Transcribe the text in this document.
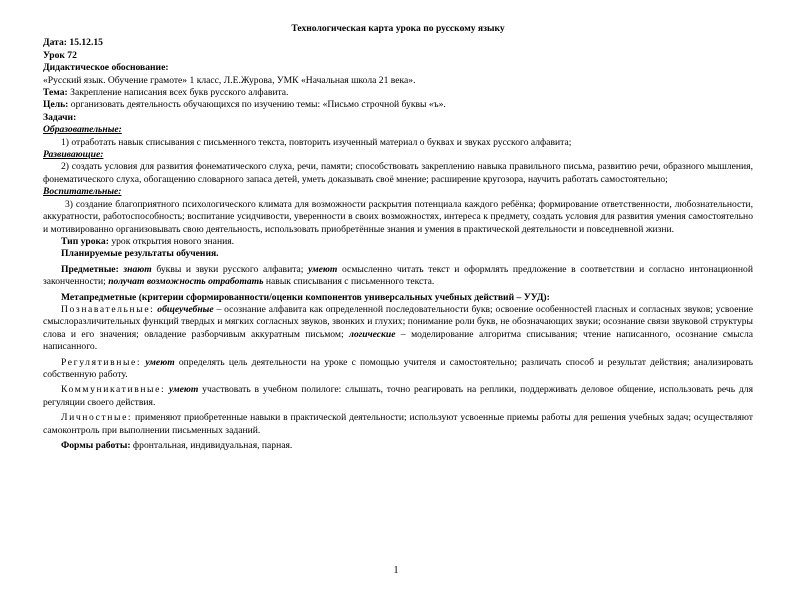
Технологическая карта урока по русскому языку

Дата: 15.12.15

Урок 72

Дидактическое обоснование:

«Русский язык. Обучение грамоте» 1 класс, Л.Е.Журова, УМК «Начальная школа 21 века».

Тема: Закрепление написания всех букв русского алфавита.

Цель: организовать деятельность обучающихся по изучению темы: «Письмо строчной буквы «ъ».

Задачи:

Образовательные:

1) отработать навык списывания с письменного текста, повторить изученный материал о буквах и звуках русского алфавита;

Развивающие:

2) создать условия для развития фонематического слуха, речи, памяти; способствовать закреплению навыка правильного письма, развитию речи, образного мышления, фонематического слуха, обогащению словарного запаса детей, уметь доказывать своё мнение; расширение кругозора, научить работать самостоятельно;

Воспитательные:

3) создание благоприятного психологического климата для возможности раскрытия потенциала каждого ребёнка; формирование ответственности, любознательности, аккуратности, работоспособность; воспитание усидчивости, уверенности в своих возможностях, интереса к предмету, создать условия для развития умения самостоятельно и мотивированно организовывать свою деятельность, использовать приобретённые знания и умения в практической деятельности и повседневной жизни.

Тип урока: урок открытия нового знания.

Планируемые результаты обучения.

Предметные: знают буквы и звуки русского алфавита; умеют осмысленно читать текст и оформлять предложение в соответствии и согласно интонационной законченности; получат возможность отработать навык списывания с письменного текста.

Метапредметные (критерии сформированности/оценки компонентов универсальных учебных действий – УУД):

Познавательные: общеучебные – осознание алфавита как определенной последовательности букв; освоение особенностей гласных и согласных звуков; усвоение смыслоразличительных функций твердых и мягких согласных звуков, звонких и глухих; понимание роли букв, не обозначающих звуки; осознание связи звуковой структуры слова и его значения; овладение разборчивым аккуратным письмом; логические – моделирование алгоритма списывания; чтение написанного, осознание смысла написанного.

Регулятивные: умеют определять цель деятельности на уроке с помощью учителя и самостоятельно; различать способ и результат действия; анализировать собственную работу.

Коммуникативные: умеют участвовать в учебном полилоге: слышать, точно реагировать на реплики, поддерживать деловое общение, использовать речь для регуляции своего действия.

Личностные: применяют приобретенные навыки в практической деятельности; используют усвоенные приемы работы для решения учебных задач; осуществляют самоконтроль при выполнении письменных заданий.

Формы работы: фронтальная, индивидуальная, парная.

1
